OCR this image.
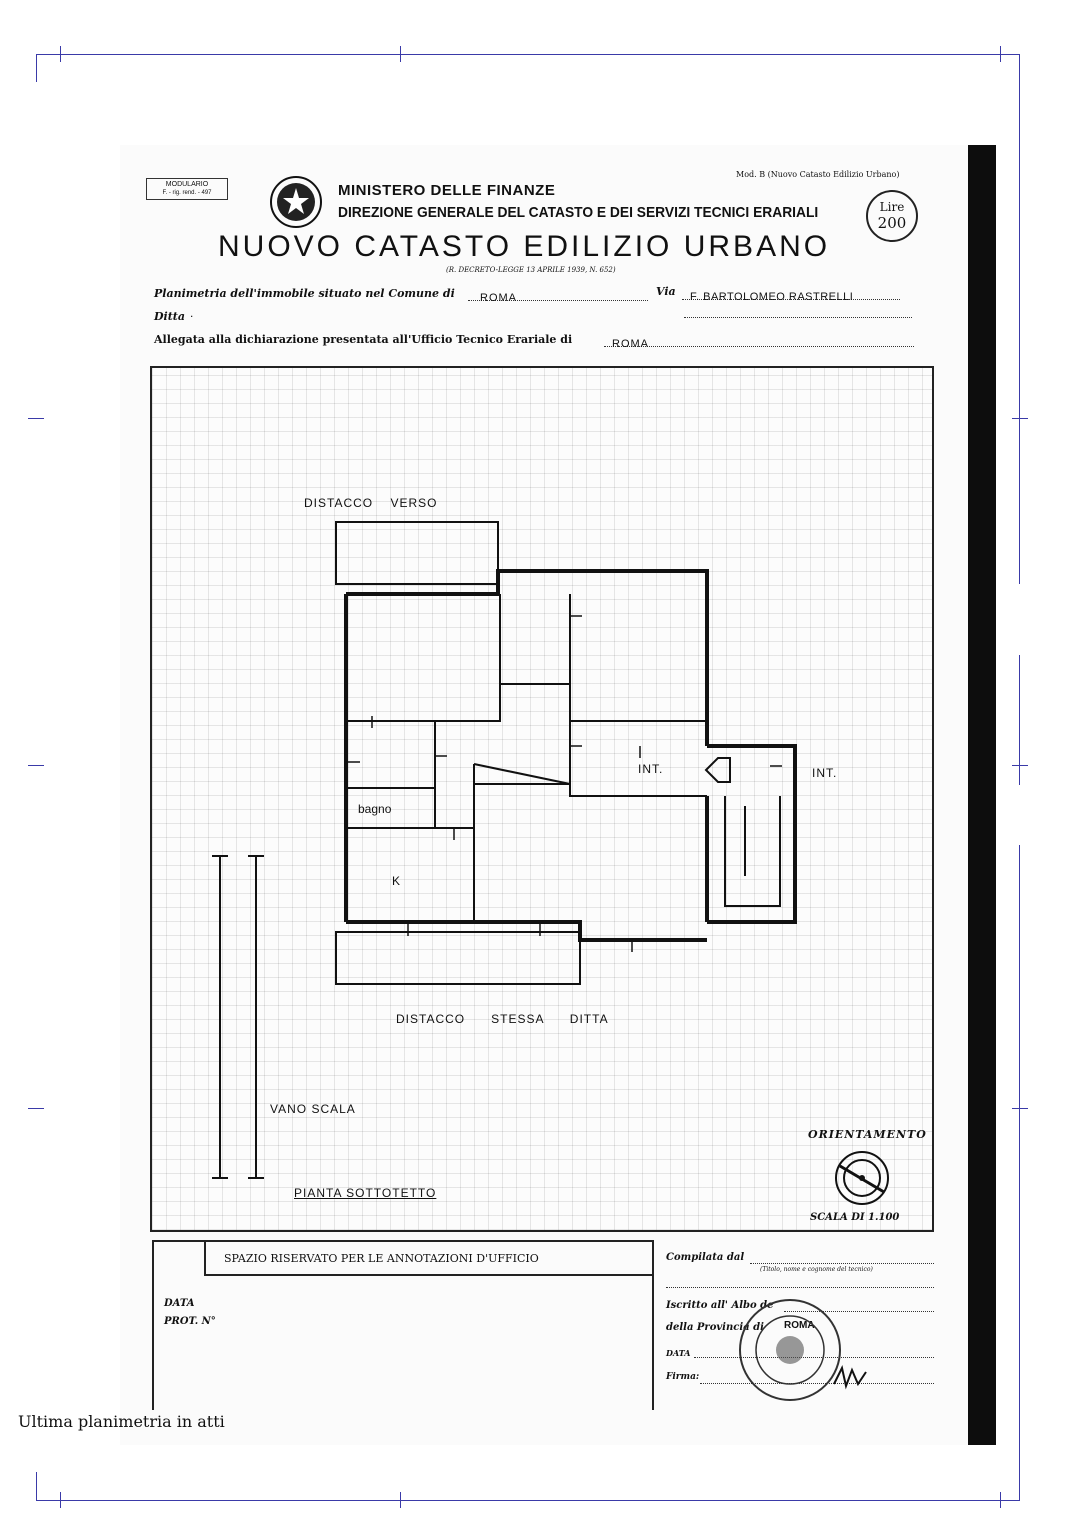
MODULARIO
F. - rig. rend. - 497	MINISTERO DELLE FINANZE
DIREZIONE GENERALE DEL CATASTO E DEI SERVIZI TECNICI ERARIALI
NUOVO CATASTO EDILIZIO URBANO
(R. DECRETO-LEGGE 13 APRILE 1939, N. 652)
Mod. B (Nuovo Catasto Edilizio Urbano)
Lire
200
Planimetria dell'immobile situato nel Comune di	ROMA	Via	F. BARTOLOMEO RASTRELLI
Ditta .
Allegata alla dichiarazione presentata all'Ufficio Tecnico Erariale di	ROMA
DISTACCO    VERSO
bagno
K
INT.	INT.
DISTACCO      STESSA      DITTA
VANO SCALA
PIANTA SOTTOTETTO
ORIENTAMENTO
SCALA DI 1.100
SPAZIO RISERVATO PER LE ANNOTAZIONI D'UFFICIO
DATA
PROT. N°
Compilata dal
(Titolo, nome e cognome del tecnico)
Iscritto all' Albo de
della Provincia di ROMA
DATA
Firma:
Ultima planimetria in atti
